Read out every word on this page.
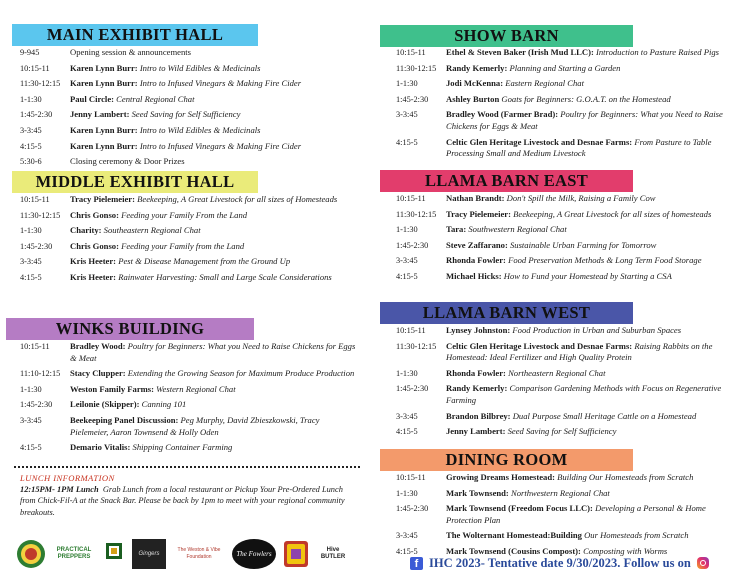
MAIN EXHIBIT HALL
9-945	Opening session & announcements
10:15-11	Karen Lynn Burr: Intro to Wild Edibles & Medicinals
11:30-12:15	Karen Lynn Burr: Intro to Infused Vinegars & Making Fire Cider
1-1:30	Paul Circle: Central Regional Chat
1:45-2:30	Jenny Lambert: Seed Saving for Self Sufficiency
3-3:45	Karen Lynn Burr: Intro to Wild Edibles & Medicinals
4:15-5	Karen Lynn Burr: Intro to Infused Vinegars & Making Fire Cider
5:30-6	Closing ceremony & Door Prizes
MIDDLE EXHIBIT HALL
10:15-11	Tracy Pielemeier: Beekeeping, A Great Livestock for all sizes of Homesteads
11:30-12:15	Chris Gonso: Feeding your Family From the Land
1-1:30	Charity: Southeastern Regional Chat
1:45-2:30	Chris Gonso: Feeding your Family from the Land
3-3:45	Kris Heeter: Pest & Disease Management from the Ground Up
4:15-5	Kris Heeter: Rainwater Harvesting: Small and Large Scale Considerations
WINKS BUILDING
10:15-11	Bradley Wood: Poultry for Beginners: What you Need to Raise Chickens for Eggs & Meat
11:10-12:15	Stacy Clupper: Extending the Growing Season for Maximum Produce Production
1-1:30	Weston Family Farms: Western Regional Chat
1:45-2:30	Leilonie (Skipper): Canning 101
3-3:45	Beekeeping Panel Discussion: Peg Murphy, David Zbieszkowski, Tracy Pielemeier, Aaron Townsend & Holly Oden
4:15-5	Demario Vitalis: Shipping Container Farming
LUNCH INFORMATION
12:15PM- 1PM Lunch Grab Lunch from a local restaurant or Pickup Your Pre-Ordered Lunch from Chick-Fil-A at the Snack Bar. Please be back by 1pm to meet with your regional community breakouts.
PRACTICAL PREPPERS
Gingers
The Weston & Vibe Foundation	The Fowlers	Hive BUTLER
SHOW BARN
10:15-11	Ethel & Steven Baker (Irish Mud LLC): Introduction to Pasture Raised Pigs
11:30-12:15	Randy Kemerly: Planning and Starting a Garden
1-1:30	Jodi McKenna: Eastern Regional Chat
1:45-2:30	Ashley Burton Goats for Beginners: G.O.A.T. on the Homestead
3-3:45	Bradley Wood (Farmer Brad): Poultry for Beginners: What you Need to Raise Chickens for Eggs & Meat
4:15-5	Celtic Glen Heritage Livestock and Desnae Farms: From Pasture to Table Processing Small and Medium Livestock
LLAMA BARN EAST
10:15-11	Nathan Brandt: Don't Spill the Milk, Raising a Family Cow
11:30-12:15	Tracy Pielemeier: Beekeeping, A Great Livestock for all sizes of homesteads
1-1:30	Tara: Southwestern Regional Chat
1:45-2:30	Steve Zaffarano: Sustainable Urban Farming for Tomorrow
3-3:45	Rhonda Fowler: Food Preservation Methods & Long Term Food Storage
4:15-5	Michael Hicks: How to Fund your Homestead by Starting a CSA
LLAMA BARN WEST
10:15-11	Lynsey Johnston: Food Production in Urban and Suburban Spaces
11:30-12:15	Celtic Glen Heritage Livestock and Desnae Farms: Raising Rabbits on the Homestead: Ideal Fertilizer and High Quality Protein
1-1:30	Rhonda Fowler: Northeastern Regional Chat
1:45-2:30	Randy Kemerly: Comparison Gardening Methods with Focus on Regenerative Farming
3-3:45	Brandon Bilbrey: Dual Purpose Small Heritage Cattle on a Homestead
4:15-5	Jenny Lambert: Seed Saving for Self Sufficiency
DINING ROOM
10:15-11	Growing Dreams Homestead: Building Our Homesteads from Scratch
1-1:30	Mark Townsend: Northwestern Regional Chat
1:45-2:30	Mark Townsend (Freedom Focus LLC): Developing a Personal & Home Protection Plan
3-3:45	The Wolternant Homestead:Building Our Homesteads from Scratch
4:15-5	Mark Townsend (Cousins Compost): Composting with Worms
f IHC 2023- Tentative date 9/30/2023. Follow us on
